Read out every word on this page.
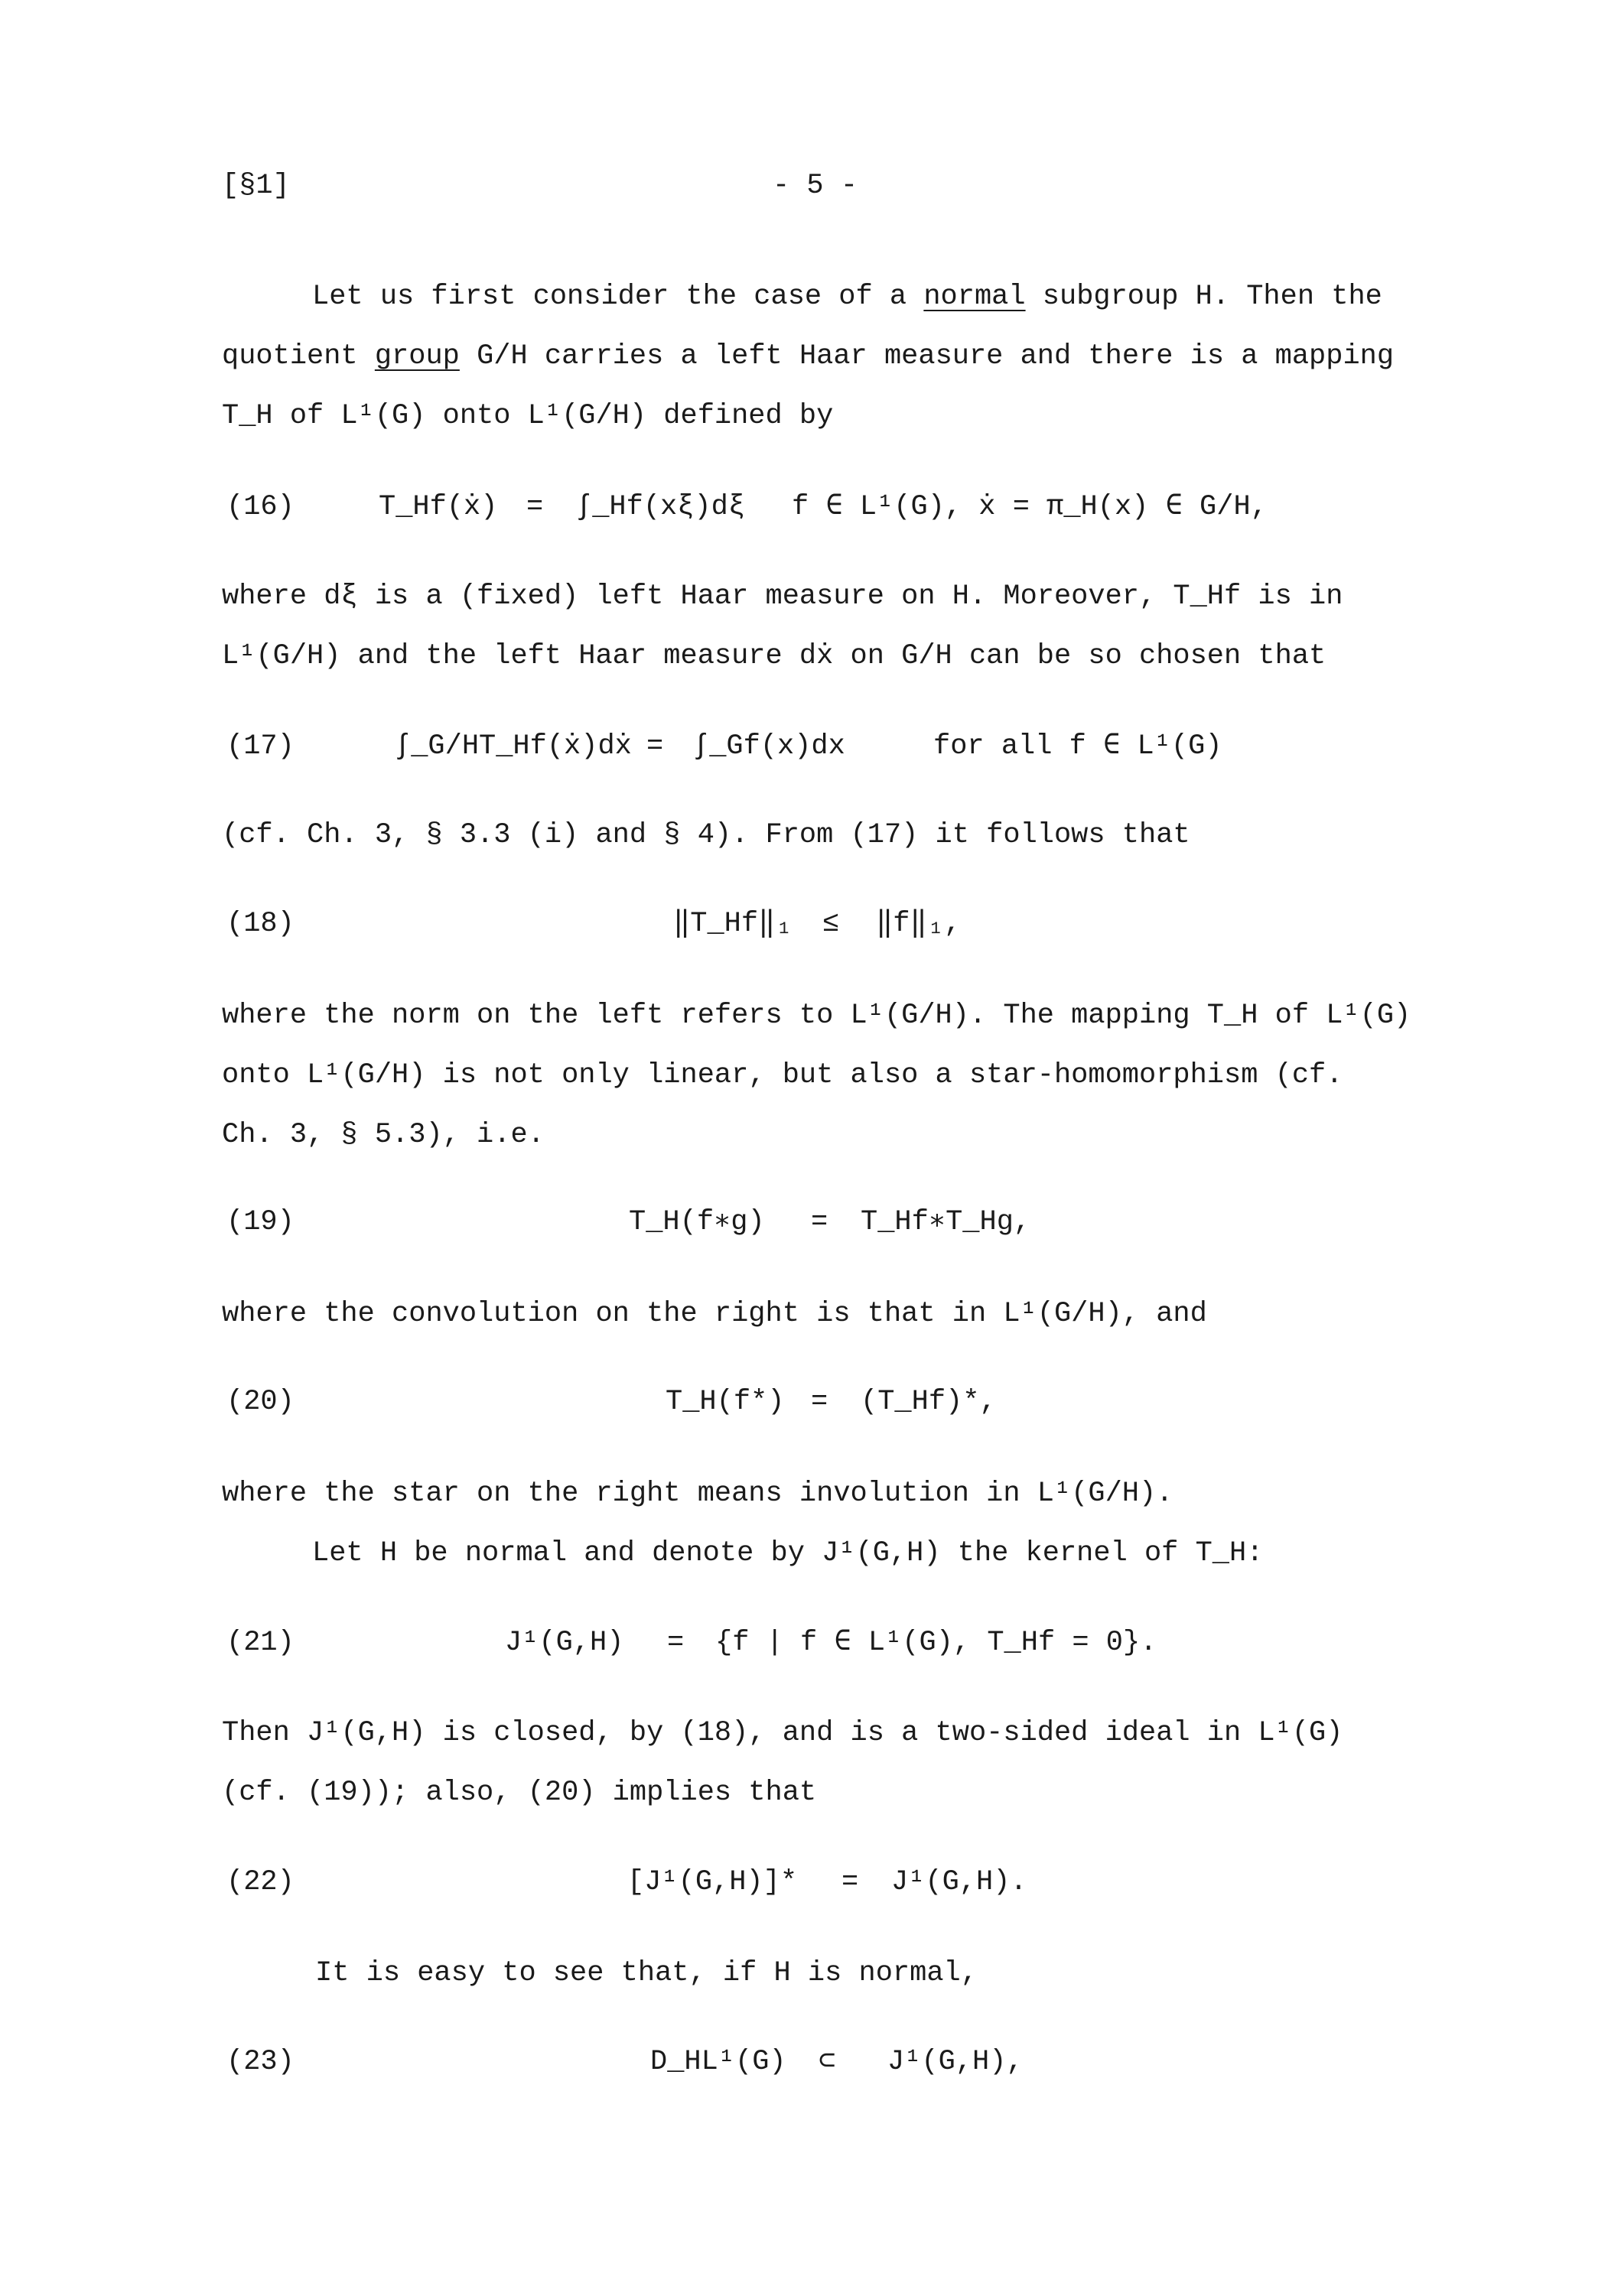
[§1]	- 5 -
Let us first consider the case of a normal subgroup H. Then the
quotient group G/H carries a left Haar measure and there is a mapping
T_H of L¹(G) onto L¹(G/H) defined by
(16)	T_Hf(ẋ) = ∫_Hf(xξ)dξ f ∈ L¹(G), ẋ = π_H(x) ∈ G/H,
where dξ is a (fixed) left Haar measure on H. Moreover, T_Hf is in
L¹(G/H) and the left Haar measure dẋ on G/H can be so chosen that
(17)	∫_G/HT_Hf(ẋ)dẋ = ∫_Gf(x)dx	for all f ∈ L¹(G)
(cf. Ch. 3, § 3.3 (i) and § 4). From (17) it follows that
(18)	‖T_Hf‖₁ ≤ ‖f‖₁,
where the norm on the left refers to L¹(G/H). The mapping T_H of L¹(G)
onto L¹(G/H) is not only linear, but also a star-homomorphism (cf.
Ch. 3, § 5.3), i.e.
(19)	T_H(f∗g) = T_Hf∗T_Hg,
where the convolution on the right is that in L¹(G/H), and
(20)	T_H(f*) = (T_Hf)*,
where the star on the right means involution in L¹(G/H).
Let H be normal and denote by J¹(G,H) the kernel of T_H:
(21)	J¹(G,H) = {f | f ∈ L¹(G), T_Hf = 0}.
Then J¹(G,H) is closed, by (18), and is a two-sided ideal in L¹(G)
(cf. (19)); also, (20) implies that
(22)	[J¹(G,H)]* = J¹(G,H).
It is easy to see that, if H is normal,
(23)	D_HL¹(G) ⊂ J¹(G,H),
